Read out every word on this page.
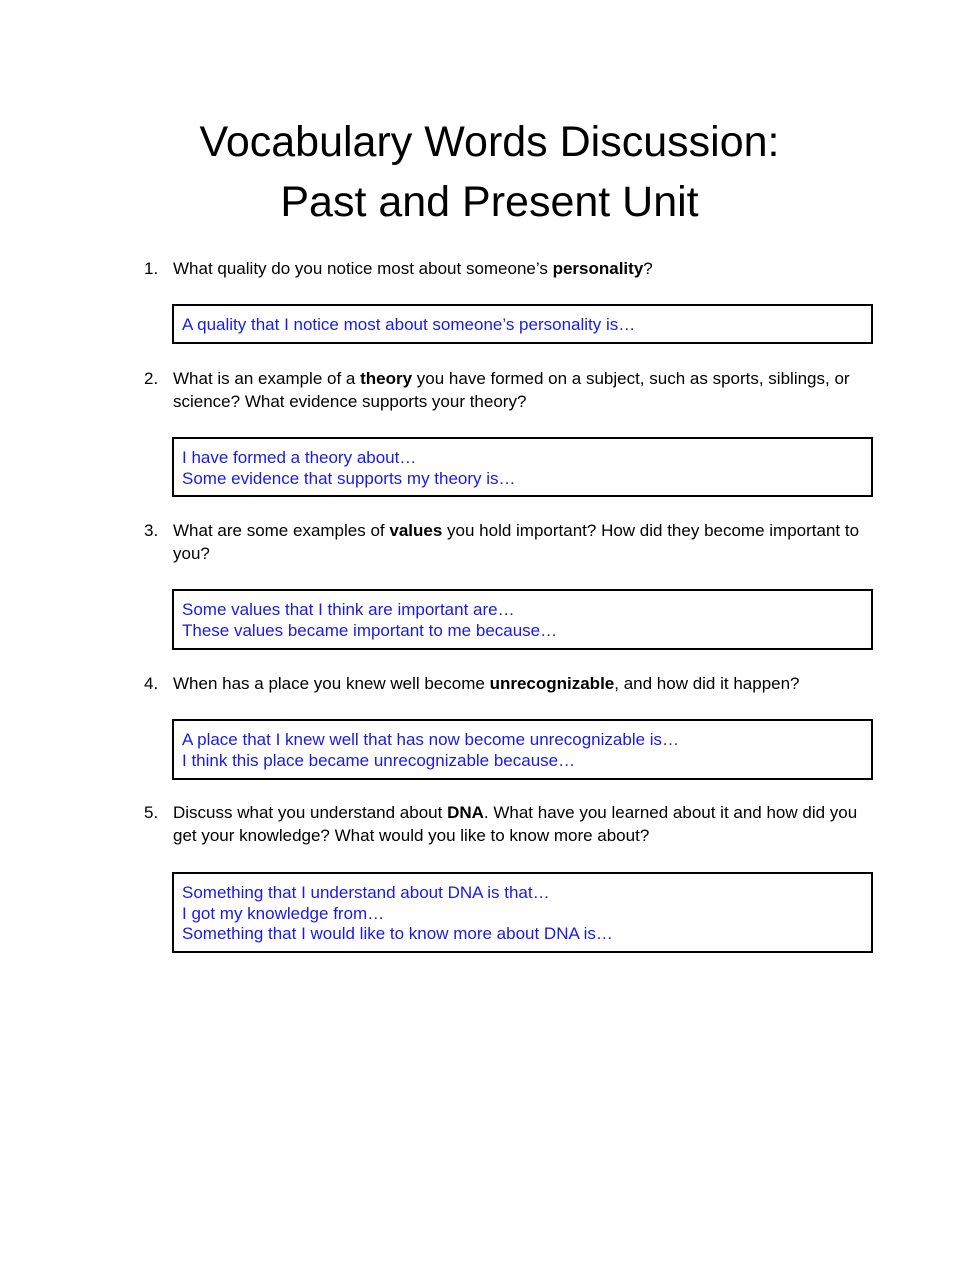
Vocabulary Words Discussion:
Past and Present Unit
1. What quality do you notice most about someone’s personality?

A quality that I notice most about someone’s personality is…
2. What is an example of a theory you have formed on a subject, such as sports, siblings, or science? What evidence supports your theory?

I have formed a theory about…
Some evidence that supports my theory is…
3. What are some examples of values you hold important? How did they become important to you?

Some values that I think are important are…
These values became important to me because…
4. When has a place you knew well become unrecognizable, and how did it happen?

A place that I knew well that has now become unrecognizable is…
I think this place became unrecognizable because…
5. Discuss what you understand about DNA. What have you learned about it and how did you get your knowledge? What would you like to know more about?

Something that I understand about DNA is that…
I got my knowledge from…
Something that I would like to know more about DNA is…
